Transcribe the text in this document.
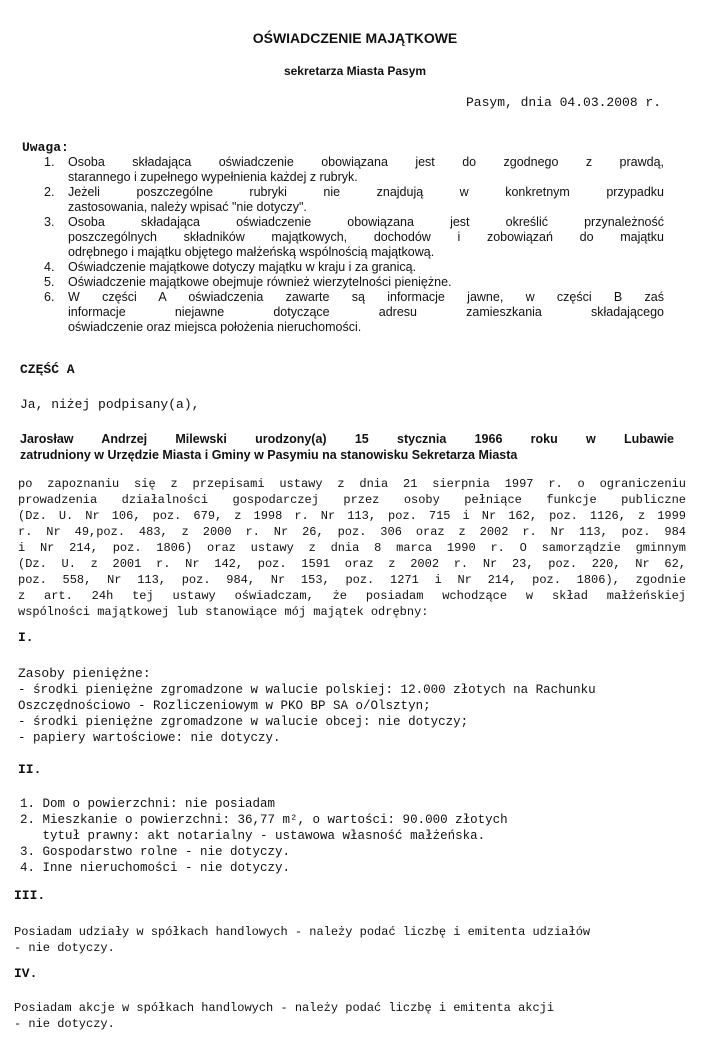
OŚWIADCZENIE MAJĄTKOWE
sekretarza Miasta Pasym
Pasym, dnia 04.03.2008 r.
Uwaga:
1. Osoba składająca oświadczenie obowiązana jest do zgodnego z prawdą,
starannego i zupełnego wypełnienia każdej z rubryk.
2. Jeżeli poszczególne rubryki nie znajdują w konkretnym przypadku
zastosowania, należy wpisać "nie dotyczy".
3. Osoba składająca oświadczenie obowiązana jest określić przynależność
poszczególnych składników majątkowych, dochodów i zobowiązań do majątku
odrębnego i majątku objętego małżeńską wspólnością majątkową.
4. Oświadczenie majątkowe dotyczy majątku w kraju i za granicą.
5. Oświadczenie majątkowe obejmuje również wierzytelności pieniężne.
6. W części A oświadczenia zawarte są informacje jawne, w części B zaś
informacje niejawne dotyczące adresu zamieszkania składającego
oświadczenie oraz miejsca położenia nieruchomości.
CZĘŚĆ A
Ja, niżej podpisany(a),
Jarosław Andrzej Milewski urodzony(a) 15 stycznia 1966 roku w Lubawie
zatrudniony w Urzędzie Miasta i Gminy w Pasymiu na stanowisku Sekretarza Miasta
po zapoznaniu się z przepisami ustawy z dnia 21 sierpnia 1997 r. o ograniczeniu
prowadzenia działalności gospodarczej przez osoby pełniące funkcje publiczne
(Dz. U. Nr 106, poz. 679, z 1998 r. Nr 113, poz. 715 i Nr 162, poz. 1126, z 1999
r. Nr 49,poz. 483, z 2000 r. Nr 26, poz. 306 oraz z 2002 r. Nr 113, poz. 984
i Nr 214, poz. 1806) oraz ustawy z dnia 8 marca 1990 r. O samorządzie gminnym
(Dz. U. z 2001 r. Nr 142, poz. 1591 oraz z 2002 r. Nr 23, poz. 220, Nr 62,
poz. 558, Nr 113, poz. 984, Nr 153, poz. 1271 i Nr 214, poz. 1806), zgodnie
z art. 24h tej ustawy oświadczam, że posiadam wchodzące w skład małżeńskiej
wspólności majątkowej lub stanowiące mój majątek odrębny:
I.
Zasoby pieniężne:
- środki pieniężne zgromadzone w walucie polskiej: 12.000 złotych na Rachunku
Oszczędnościowo - Rozliczeniowym w PKO BP SA o/Olsztyn;
- środki pieniężne zgromadzone w walucie obcej: nie dotyczy;
- papiery wartościowe: nie dotyczy.
II.
1. Dom o powierzchni: nie posiadam
2. Mieszkanie o powierzchni: 36,77 m², o wartości: 90.000 złotych
tytuł prawny: akt notarialny - ustawowa własność małżeńska.
3. Gospodarstwo rolne - nie dotyczy.
4. Inne nieruchomości - nie dotyczy.
III.
Posiadam udziały w spółkach handlowych - należy podać liczbę i emitenta udziałów
- nie dotyczy.
IV.
Posiadam akcje w spółkach handlowych - należy podać liczbę i emitenta akcji
- nie dotyczy.
